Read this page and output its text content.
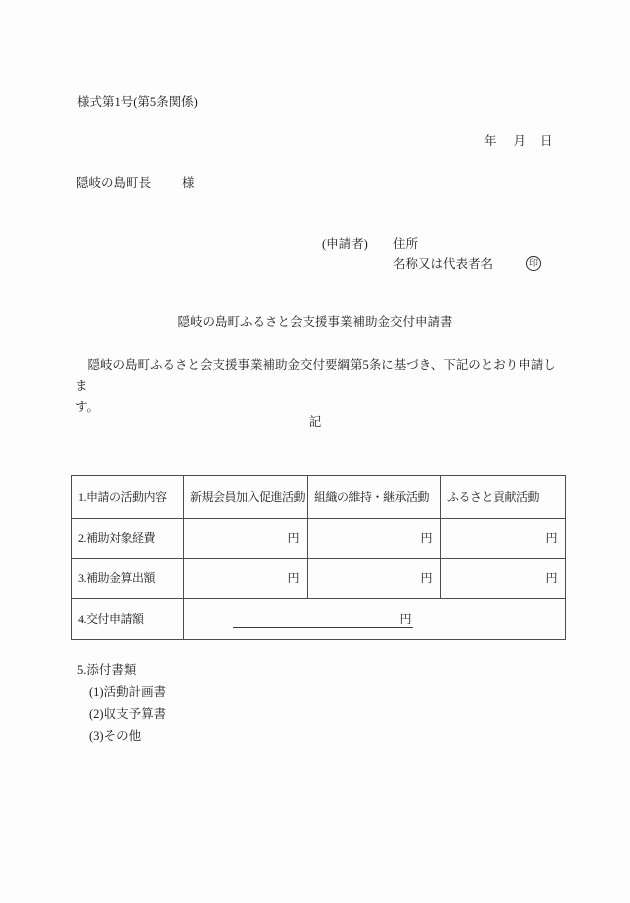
様式第1号(第5条関係)
年 月 日
隠岐の島町長 様
(申請者) 住所
名称又は代表者名	印
隠岐の島町ふるさと会支援事業補助金交付申請書
隠岐の島町ふるさと会支援事業補助金交付要綱第5条に基づき、下記のとおり申請しま
す。
記
1.申請の活動内容	新規会員加入促進活動	組織の維持・継承活動	ふるさと貢献活動
2.補助対象経費	円	円	円
3.補助金算出額	円	円	円
4.交付申請額	円		
5.添付書類
(1)活動計画書
(2)収支予算書
(3)その他
